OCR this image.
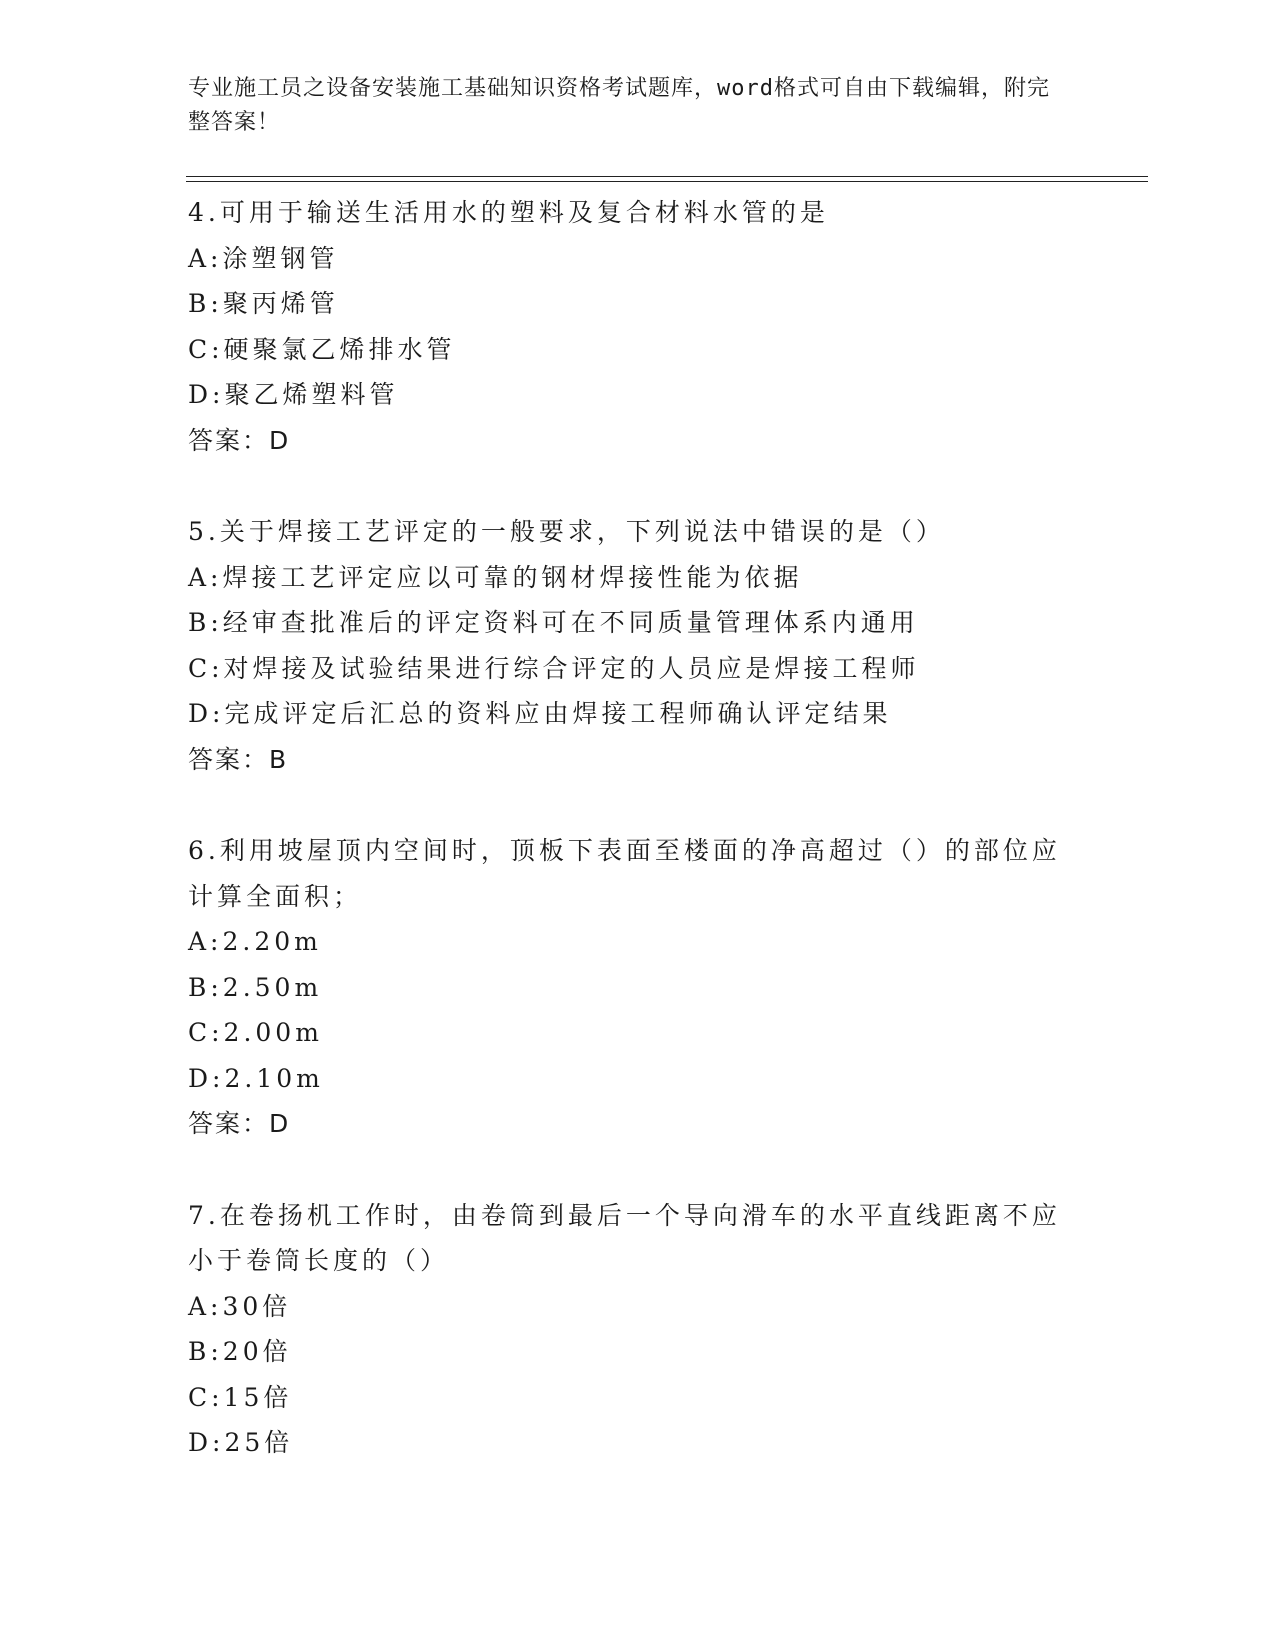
专业施工员之设备安装施工基础知识资格考试题库，word格式可自由下载编辑，附完整答案！
4.可用于输送生活用水的塑料及复合材料水管的是
A:涂塑钢管
B:聚丙烯管
C:硬聚氯乙烯排水管
D:聚乙烯塑料管
答案：D
5.关于焊接工艺评定的一般要求，下列说法中错误的是（）
A:焊接工艺评定应以可靠的钢材焊接性能为依据
B:经审查批准后的评定资料可在不同质量管理体系内通用
C:对焊接及试验结果进行综合评定的人员应是焊接工程师
D:完成评定后汇总的资料应由焊接工程师确认评定结果
答案：B
6.利用坡屋顶内空间时，顶板下表面至楼面的净高超过（）的部位应计算全面积；
A:2.20m
B:2.50m
C:2.00m
D:2.10m
答案：D
7.在卷扬机工作时，由卷筒到最后一个导向滑车的水平直线距离不应小于卷筒长度的（）
A:30倍
B:20倍
C:15倍
D:25倍
